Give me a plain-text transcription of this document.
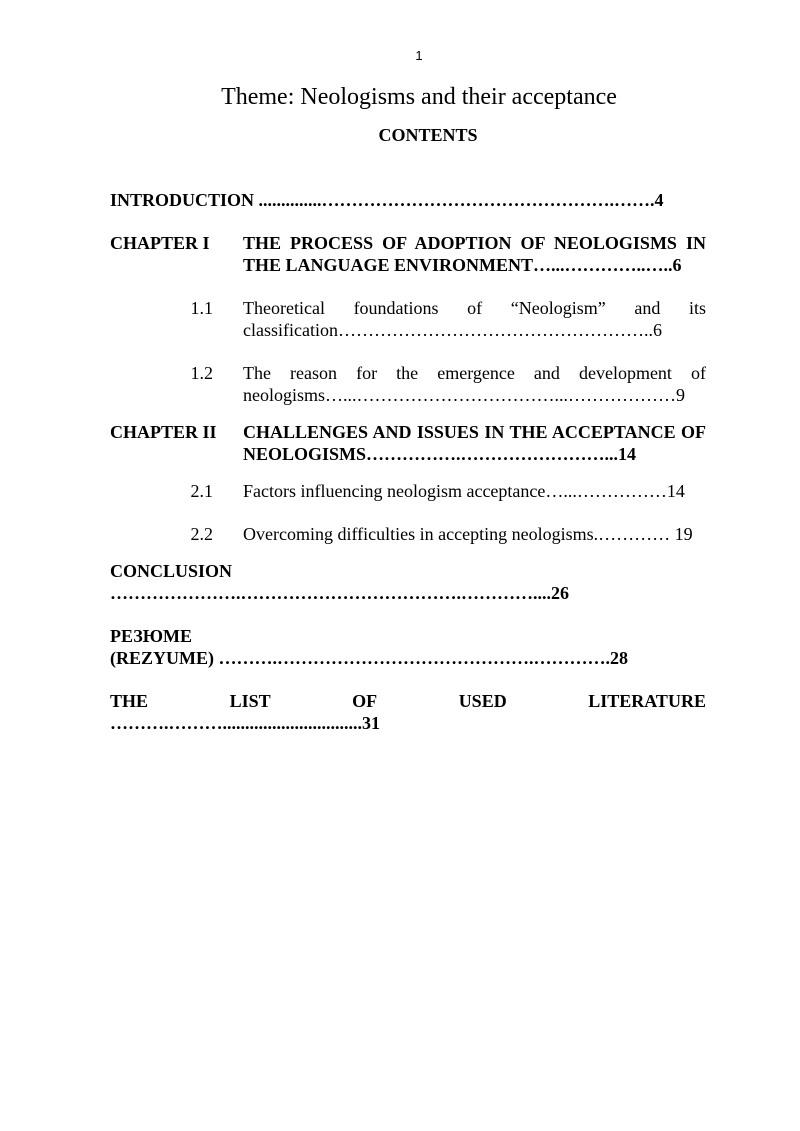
1
Theme: Neologisms and their acceptance
CONTENTS
INTRODUCTION ..............………………………………………….…….4
CHAPTER I	THE PROCESS OF ADOPTION OF NEOLOGISMS IN THE LANGUAGE ENVIRONMENT…...…………..…..6
1.1	Theoretical foundations of “Neologism” and its classification……………………………………………..6
1.2	The reason for the emergence and development of neologisms…...……………………………...………………9
CHAPTER II	CHALLENGES AND ISSUES IN THE ACCEPTANCE OF NEOLOGISMS…………….……………………...14
2.1	Factors influencing neologism acceptance…...……………14
2.2	Overcoming difficulties in accepting neologisms.………… 19
CONCLUSION
………………….……………………………….…………....26
РЕЗЮМЕ
(REZYUME) ……….…………………………………….………….28
THE	LIST	OF	USED	LITERATURE
……….………...............................31
